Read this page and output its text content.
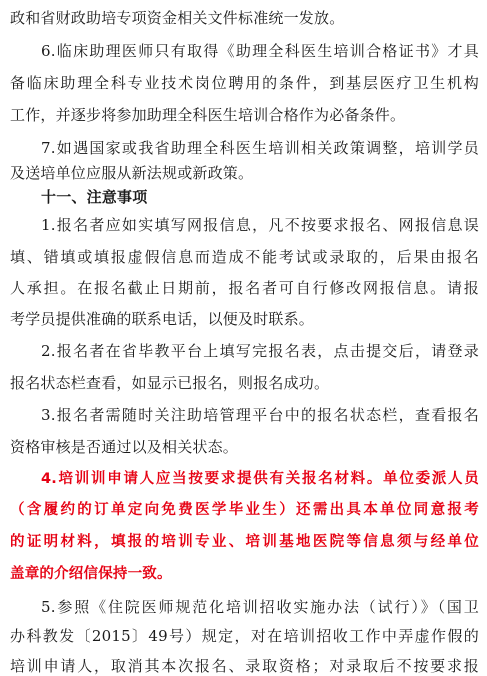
政和省财政助培专项资金相关文件标准统一发放。
6.临床助理医师只有取得《助理全科医生培训合格证书》才具
备临床助理全科专业技术岗位聘用的条件，到基层医疗卫生机构
工作，并逐步将参加助理全科医生培训合格作为必备条件。
7.如遇国家或我省助理全科医生培训相关政策调整，培训学员
及送培单位应服从新法规或新政策。
十一、注意事项
1.报名者应如实填写网报信息，凡不按要求报名、网报信息误
填、错填或填报虚假信息而造成不能考试或录取的，后果由报名
人承担。在报名截止日期前，报名者可自行修改网报信息。请报
考学员提供准确的联系电话，以便及时联系。
2.报名者在省毕教平台上填写完报名表，点击提交后，请登录
报名状态栏查看，如显示已报名，则报名成功。
3.报名者需随时关注助培管理平台中的报名状态栏，查看报名
资格审核是否通过以及相关状态。
4.培训训申请人应当按要求提供有关报名材料。单位委派人员
（含履约的订单定向免费医学毕业生）还需出具本单位同意报考
的证明材料，填报的培训专业、培训基地医院等信息须与经单位
盖章的介绍信保持一致。
5.参照《住院医师规范化培训招收实施办法（试行）》（国卫
办科教发〔2015〕49号）规定，对在培训招收工作中弄虚作假的
培训申请人，取消其本次报名、录取资格；对录取后不按要求报
